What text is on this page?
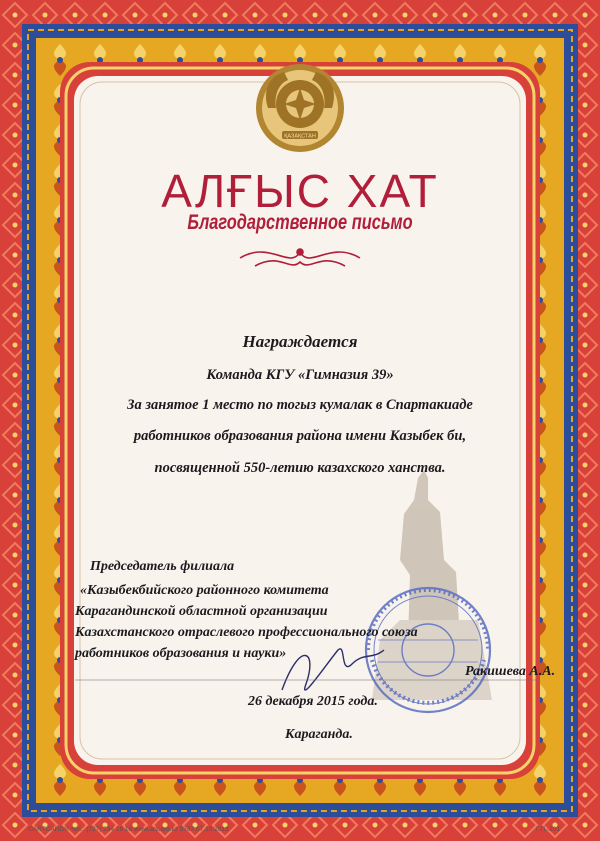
ҚАЗАҚСТАН
АЛҒЫС ХАТ
Благодарственное письмо
Награждается
Команда КГУ «Гимназия 39»
За занятое 1 место по тогыз кумалак в Спартакиаде
работников образования района имени Казыбек би,
посвященной 550-летию казахского ханства.
Председатель филиала
«Казыбекбийского районного комитета
Карагандинской областной организации
Казахстанского отраслевого профессионального союза
работников образования и науки»
Ракишева А.А.
26 декабря 2015 года.
Караганда.
©ARTCARD® тел.: (727) 234 16 16 www.artcard.kz 5767.07.10.2013	Г.П.-201
